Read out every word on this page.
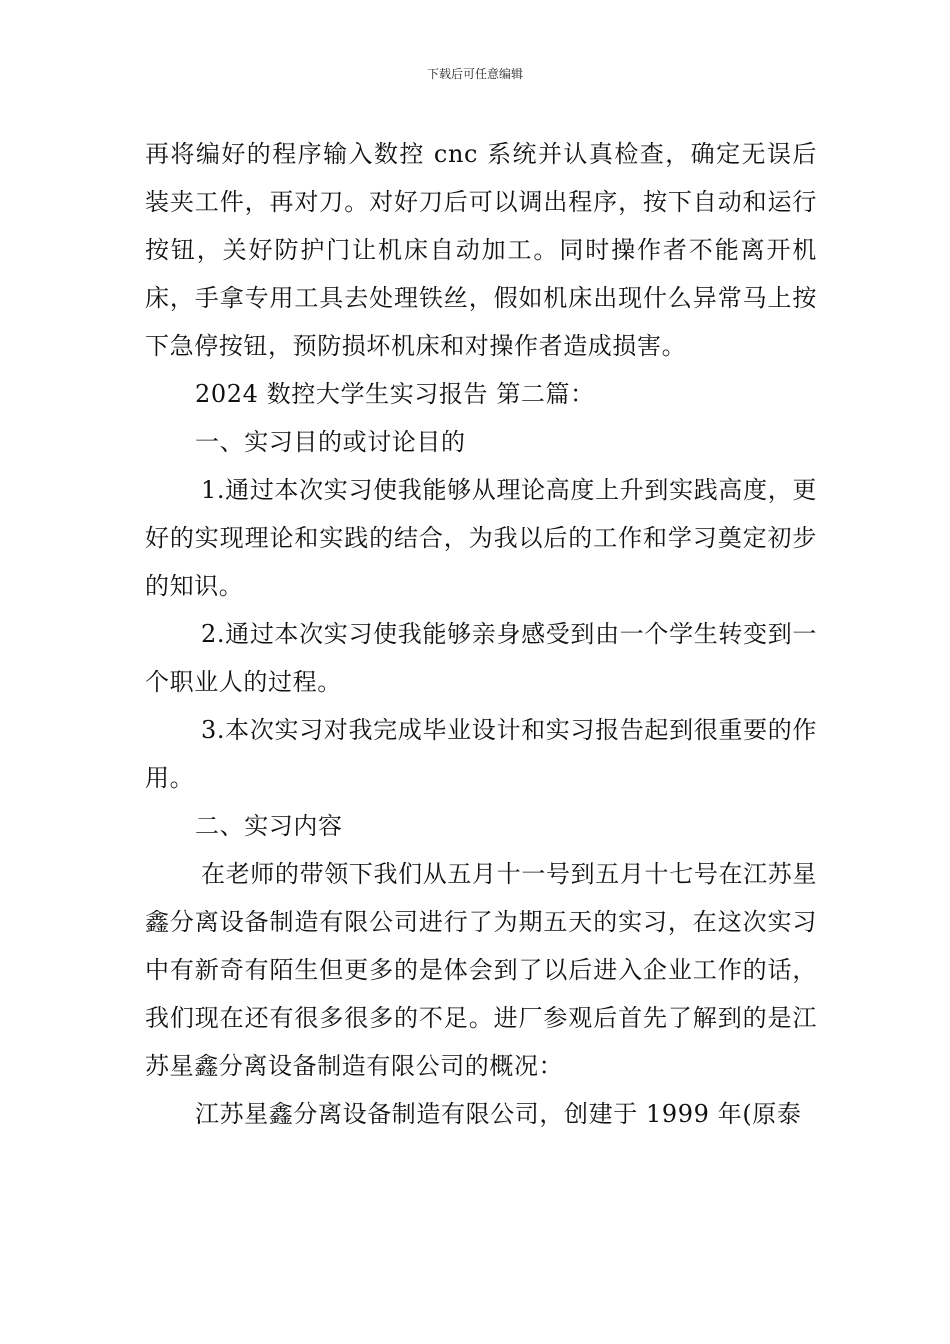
下载后可任意编辑

再将编好的程序输入数控 cnc 系统并认真检查，确定无误后装夹工件，再对刀。对好刀后可以调出程序，按下自动和运行按钮，关好防护门让机床自动加工。同时操作者不能离开机床，手拿专用工具去处理铁丝，假如机床出现什么异常马上按下急停按钮，预防损坏机床和对操作者造成损害。

2024 数控大学生实习报告 第二篇：

一、实习目的或讨论目的

1.通过本次实习使我能够从理论高度上升到实践高度，更好的实现理论和实践的结合，为我以后的工作和学习奠定初步的知识。

2.通过本次实习使我能够亲身感受到由一个学生转变到一个职业人的过程。

3.本次实习对我完成毕业设计和实习报告起到很重要的作用。

二、实习内容

在老师的带领下我们从五月十一号到五月十七号在江苏星鑫分离设备制造有限公司进行了为期五天的实习，在这次实习中有新奇有陌生但更多的是体会到了以后进入企业工作的话，我们现在还有很多很多的不足。进厂参观后首先了解到的是江苏星鑫分离设备制造有限公司的概况：

江苏星鑫分离设备制造有限公司，创建于 1999 年(原泰
